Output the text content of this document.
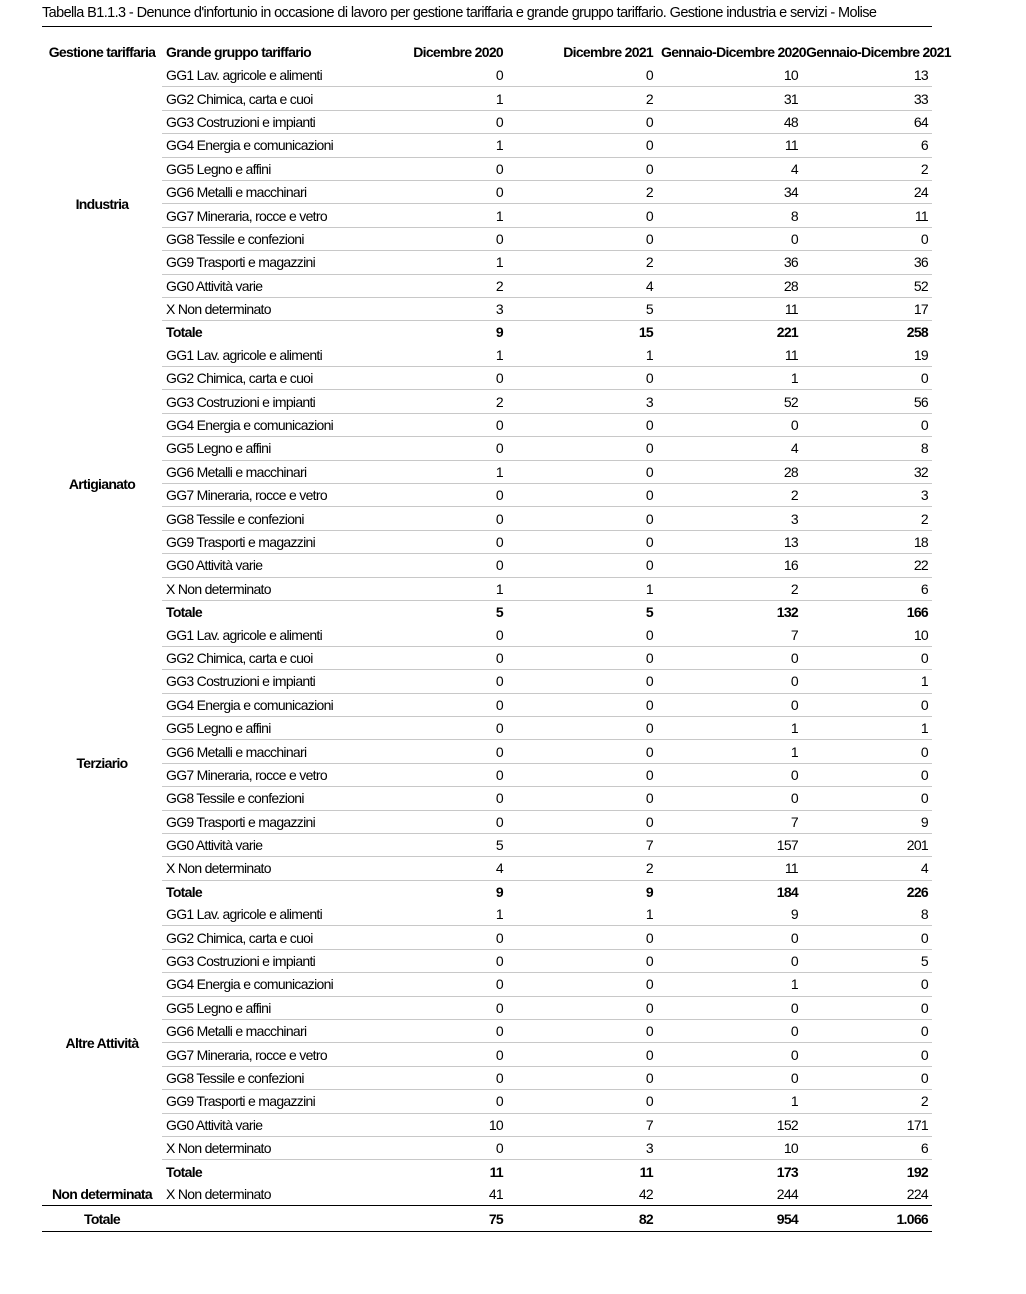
Tabella B1.1.3 - Denunce d'infortunio in occasione di lavoro per gestione tariffaria e grande gruppo tariffario. Gestione industria e servizi - Molise
Gestione tariffaria	Grande gruppo tariffario	Dicembre 2020	Dicembre 2021	Gennaio-Dicembre 2020	Gennaio-Dicembre 2021
Industria	GG1 Lav. agricole e alimenti	0	0	10	13
	GG2 Chimica, carta e cuoi	1	2	31	33
	GG3 Costruzioni e impianti	0	0	48	64
	GG4 Energia e comunicazioni	1	0	11	6
	GG5 Legno e affini	0	0	4	2
	GG6 Metalli e macchinari	0	2	34	24
	GG7 Mineraria, rocce e vetro	1	0	8	11
	GG8 Tessile e confezioni	0	0	0	0
	GG9 Trasporti e magazzini	1	2	36	36
	GG0 Attività varie	2	4	28	52
	X Non determinato	3	5	11	17
	Totale	9	15	221	258
Artigianato	GG1 Lav. agricole e alimenti	1	1	11	19
	GG2 Chimica, carta e cuoi	0	0	1	0
	GG3 Costruzioni e impianti	2	3	52	56
	GG4 Energia e comunicazioni	0	0	0	0
	GG5 Legno e affini	0	0	4	8
	GG6 Metalli e macchinari	1	0	28	32
	GG7 Mineraria, rocce e vetro	0	0	2	3
	GG8 Tessile e confezioni	0	0	3	2
	GG9 Trasporti e magazzini	0	0	13	18
	GG0 Attività varie	0	0	16	22
	X Non determinato	1	1	2	6
	Totale	5	5	132	166
Terziario	GG1 Lav. agricole e alimenti	0	0	7	10
	GG2 Chimica, carta e cuoi	0	0	0	0
	GG3 Costruzioni e impianti	0	0	0	1
	GG4 Energia e comunicazioni	0	0	0	0
	GG5 Legno e affini	0	0	1	1
	GG6 Metalli e macchinari	0	0	1	0
	GG7 Mineraria, rocce e vetro	0	0	0	0
	GG8 Tessile e confezioni	0	0	0	0
	GG9 Trasporti e magazzini	0	0	7	9
	GG0 Attività varie	5	7	157	201
	X Non determinato	4	2	11	4
	Totale	9	9	184	226
Altre Attività	GG1 Lav. agricole e alimenti	1	1	9	8
	GG2 Chimica, carta e cuoi	0	0	0	0
	GG3 Costruzioni e impianti	0	0	0	5
	GG4 Energia e comunicazioni	0	0	1	0
	GG5 Legno e affini	0	0	0	0
	GG6 Metalli e macchinari	0	0	0	0
	GG7 Mineraria, rocce e vetro	0	0	0	0
	GG8 Tessile e confezioni	0	0	0	0
	GG9 Trasporti e magazzini	0	0	1	2
	GG0 Attività varie	10	7	152	171
	X Non determinato	0	3	10	6
	Totale	11	11	173	192
Non determinata	X Non determinato	41	42	244	224
Totale		75	82	954	1.066
